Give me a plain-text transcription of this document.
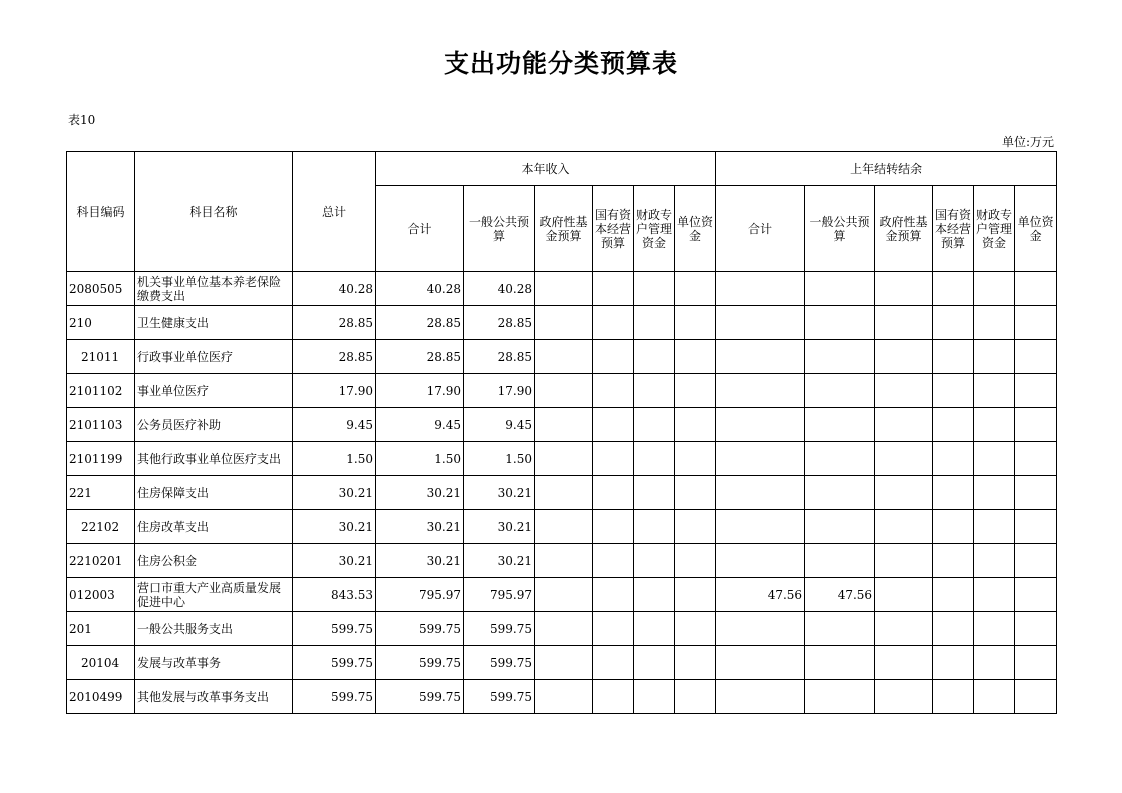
支出功能分类预算表
表10
单位:万元
科目编码	科目名称	总计	本年收入						上年结转结余					
			合计	一般公共预算	政府性基金预算	国有资本经营预算	财政专户管理资金	单位资金	合计	一般公共预算	政府性基金预算	国有资本经营预算	财政专户管理资金	单位资金
2080505	机关事业单位基本养老保险缴费支出	40.28	40.28	40.28										
210	卫生健康支出	28.85	28.85	28.85										
21011	行政事业单位医疗	28.85	28.85	28.85										
2101102	事业单位医疗	17.90	17.90	17.90										
2101103	公务员医疗补助	9.45	9.45	9.45										
2101199	其他行政事业单位医疗支出	1.50	1.50	1.50										
221	住房保障支出	30.21	30.21	30.21										
22102	住房改革支出	30.21	30.21	30.21										
2210201	住房公积金	30.21	30.21	30.21										
012003	营口市重大产业高质量发展促进中心	843.53	795.97	795.97					47.56	47.56				
201	一般公共服务支出	599.75	599.75	599.75										
20104	发展与改革事务	599.75	599.75	599.75										
2010499	其他发展与改革事务支出	599.75	599.75	599.75										
